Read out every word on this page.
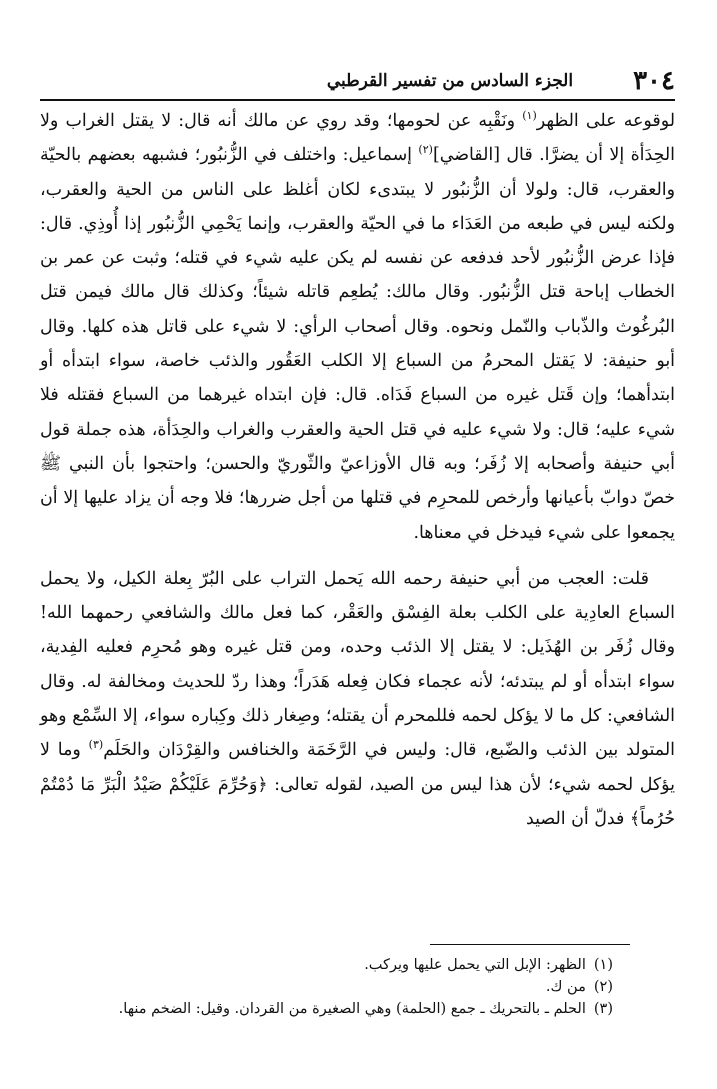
٣٠٤
الجزء السادس من تفسير القرطبي

لوقوعه على الظهر$^{(١)}$ ونَقْبِه عن لحومها؛ وقد روي عن مالك أنه قال: لا يقتل الغراب ولا الحِدَأة إلا أن يضرَّا. قال [القاضي]$^{(٢)}$ إسماعيل: واختلف في الزُّنبُور؛ فشبهه بعضهم بالحيّة والعقرب، قال: ولولا أن الزُّنبُور لا يبتدىء لكان أغلظ على الناس من الحية والعقرب، ولكنه ليس في طبعه من العَدَاء ما في الحيّة والعقرب، وإنما يَحْمِي الزُّنبُور إذا أُوذِي. قال: فإذا عرض الزُّنبُور لأحد فدفعه عن نفسه لم يكن عليه شيء في قتله؛ وثبت عن عمر بن الخطاب إباحة قتل الزُّنبُور. وقال مالك: يُطعِم قاتله شيئاً؛ وكذلك قال مالك فيمن قتل البُرغُوث والذّباب والنّمل ونحوه. وقال أصحاب الرأي: لا شيء على قاتل هذه كلها. وقال أبو حنيفة: لا يَقتل المحرمُ من السباع إلا الكلب العَقُور والذئب خاصة، سواء ابتدأه أو ابتدأهما؛ وإن قَتل غيره من السباع فَدَاه. قال: فإن ابتداه غيرهما من السباع فقتله فلا شيء عليه؛ قال: ولا شيء عليه في قتل الحية والعقرب والغراب والحِدَأة، هذه جملة قول أبي حنيفة وأصحابه إلا زُفَر؛ وبه قال الأوزاعيّ والثّوريّ والحسن؛ واحتجوا بأن النبي ﷺ خصّ دوابّ بأعيانها وأرخص للمحرِم في قتلها من أجل ضررها؛ فلا وجه أن يزاد عليها إلا أن يجمعوا على شيء فيدخل في معناها.

قلت: العجب من أبي حنيفة رحمه الله يَحمل التراب على البُرّ بِعلة الكيل، ولا يحمل السباع العادِية على الكلب بعلة الفِسْق والعَقْر، كما فعل مالك والشافعي رحمهما الله! وقال زُفَر بن الهُذَيل: لا يقتل إلا الذئب وحده، ومن قتل غيره وهو مُحرِم فعليه الفِدية، سواء ابتدأه أو لم يبتدئه؛ لأنه عجماء فكان فِعله هَدَراً؛ وهذا ردّ للحديث ومخالفة له. وقال الشافعي: كل ما لا يؤكل لحمه فللمحرم أن يقتله؛ وصِغار ذلك وكِباره سواء، إلا السِّمْع وهو المتولد بين الذئب والضّبع، قال: وليس في الرَّخَمَة والخنافس والقِرْدَان والحَلَم$^{(٣)}$ وما لا يؤكل لحمه شيء؛ لأن هذا ليس من الصيد، لقوله تعالى: ﴿وَحُرِّمَ عَلَيْكُمْ صَيْدُ الْبَرِّ مَا دُمْتُمْ حُرُماً﴾ فدلّ أن الصيد

(١)
الظهر: الإبل التي يحمل عليها ويركب.
(٢)
من ك.
(٣)
الحلم ـ بالتحريك ـ جمع (الحلمة) وهي الصغيرة من القردان. وقيل: الضخم منها.
